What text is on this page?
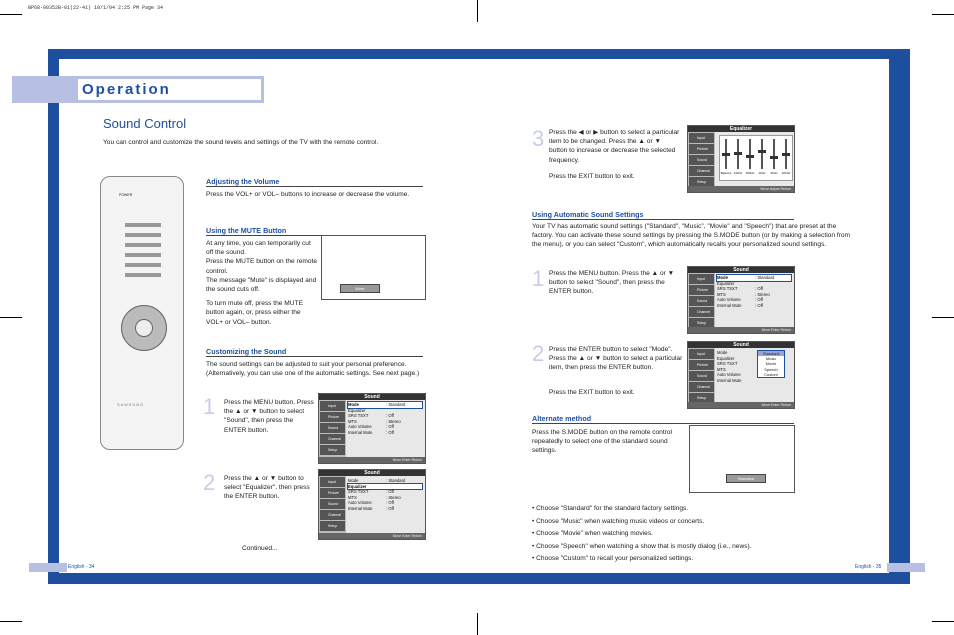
BP68-00352B-01(22-41) 10/1/04 2:25 PM Page 34
Operation
Sound Control
You can control and customize the sound levels and settings of the TV with the remote control.
POWER
SAMSUNG
Adjusting the Volume
Press the VOL+ or VOL– buttons to increase or decrease the volume.
Using the MUTE Button
At any time, you can temporarily cut off the sound.
Press the MUTE button on the remote control.
The message "Mute" is displayed and the sound cuts off.
To turn mute off, press the MUTE button again, or, press either the VOL+ or VOL– button.
Mute
Customizing the Sound
The sound settings can be adjusted to suit your personal preference. (Alternatively, you can use one of the automatic settings. See next page.)
1 Press the MENU button. Press the ▲ or ▼ button to select "Sound", then press the ENTER button.
2 Press the ▲ or ▼ button to select "Equalizer", then press the ENTER button.
Sound
Input
Picture
Sound
Channel
Setup
Mode	: Standard
Equalizer
SRS TSXT	: Off
MTS	: Stereo
Auto Volume	: Off
Internal Mute	: Off
Move Enter Return
Sound
Input
Picture
Sound
Channel
Setup
Mode	: Standard
Equalizer
SRS TSXT	: Off
MTS	: Stereo
Auto Volume	: Off
Internal Mute	: Off
Move Enter Return
Continued...
English - 34
3 Press the ◀ or ▶ button to select a particular item to be changed. Press the ▲ or ▼ button to increase or decrease the selected frequency.
Press the EXIT button to exit.
Equalizer
Input
Picture
Sound
Channel
Setup
Balance 100Hz	300Hz	1KHz	3KHz	10KHz
Move Adjust Return
Using Automatic Sound Settings
Your TV has automatic sound settings ("Standard", "Music", "Movie" and "Speech") that are preset at the factory. You can activate these sound settings by pressing the S.MODE button (or by making a selection from the menu), or you can select "Custom", which automatically recalls your personalized sound settings.
1 Press the MENU button. Press the ▲ or ▼ button to select "Sound", then press the ENTER button.
2 Press the ENTER button to select "Mode". Press the ▲ or ▼ button to select a particular item, then press the ENTER button.
Press the EXIT button to exit.
Sound
Input
Picture
Sound
Channel
Setup
Mode	: Standard
Equalizer
SRS TSXT	: Off
MTS	: Stereo
Auto Volume	: Off
Internal Mute	: Off
Move Enter Return
Sound
Input
Picture
Sound
Channel
Setup
Mode
Equalizer
SRS TSXT
MTS
Auto Volume
Internal Mute
Standard
Music
Movie
Speech
Custom
Move Enter Return
Alternate method
Press the S.MODE button on the remote control repeatedly to select one of the standard sound settings.
Standard
• Choose "Standard" for the standard factory settings.
• Choose "Music" when watching music videos or concerts.
• Choose "Movie" when watching movies.
• Choose "Speech" when watching a show that is mostly dialog (i.e., news).
• Choose "Custom" to recall your personalized settings.
English - 35
